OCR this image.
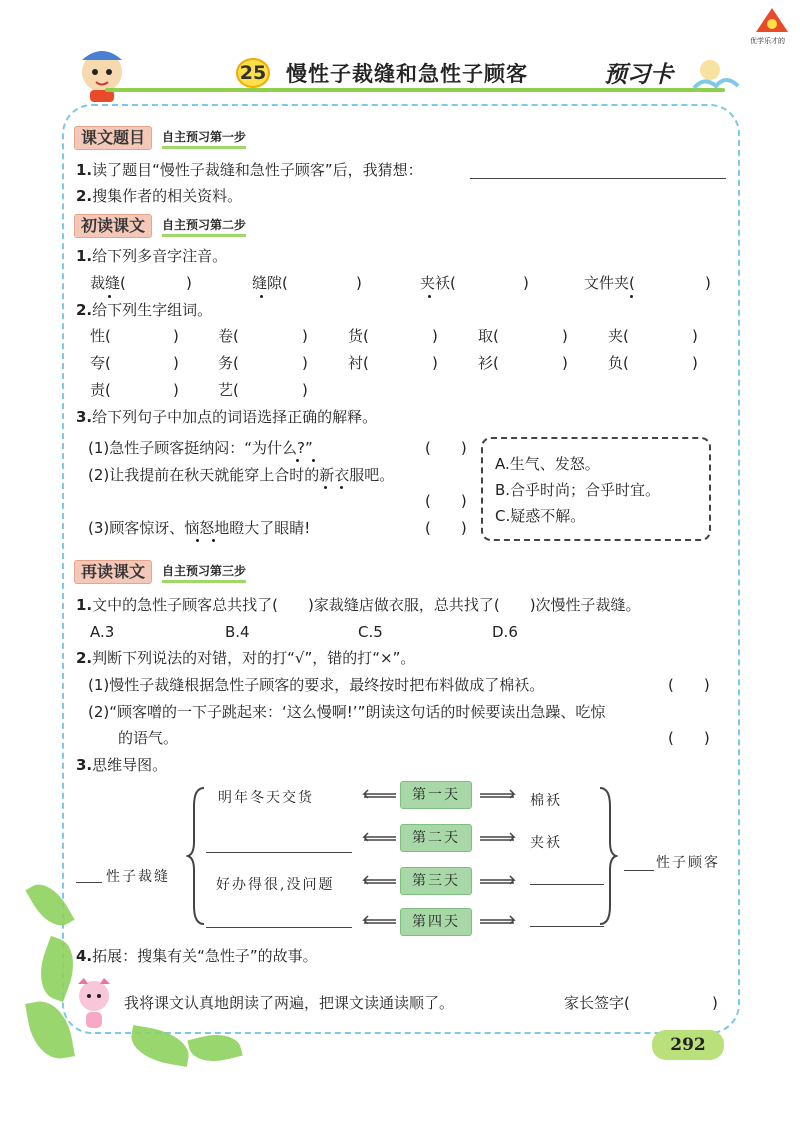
优学乐才的
25 慢性子裁缝和急性子顾客	预习卡
课文题目	自主预习第一步
1.读了题目“慢性子裁缝和急性子顾客”后，我猜想：
2.搜集作者的相关资料。
初读课文	自主预习第二步
1.给下列多音字注音。
裁缝(	)	缝隙(	)	夹袄(	)	文件夹(	)
2.给下列生字组词。
性(	)	卷(	)	货(	)	取(	)	夹(	)
夸(	)	务(	)	衬(	)	衫(	)	负(	)
责(	)	艺(	)
3.给下列句子中加点的词语选择正确的解释。
(1)急性子顾客挺纳闷：“为什么?”	(　　)
(2)让我提前在秋天就能穿上合时的新衣服吧。
(　　)
(3)顾客惊讶、恼怒地瞪大了眼睛!	(　　)
A.生气、发怒。
B.合乎时尚；合乎时宜。
C.疑惑不解。
再读课文	自主预习第三步
1.文中的急性子顾客总共找了(　　)家裁缝店做衣服，总共找了(　　)次慢性子裁缝。
A.3	B.4	C.5	D.6
2.判断下列说法的对错，对的打“√”，错的打“×”。
(1)慢性子裁缝根据急性子顾客的要求，最终按时把布料做成了棉袄。	(　　)
(2)“顾客噌的一下子跳起来：‘这么慢啊!’”朗读这句话的时候要读出急躁、吃惊
的语气。	(　　)
3.思维导图。
性子裁缝
性子顾客
第一天
第二天
第三天
第四天
明年冬天交货
好办得很,没问题
棉袄
夹袄
4.拓展：搜集有关“急性子”的故事。
我将课文认真地朗读了两遍，把课文读通读顺了。	家长签字(	)
292
